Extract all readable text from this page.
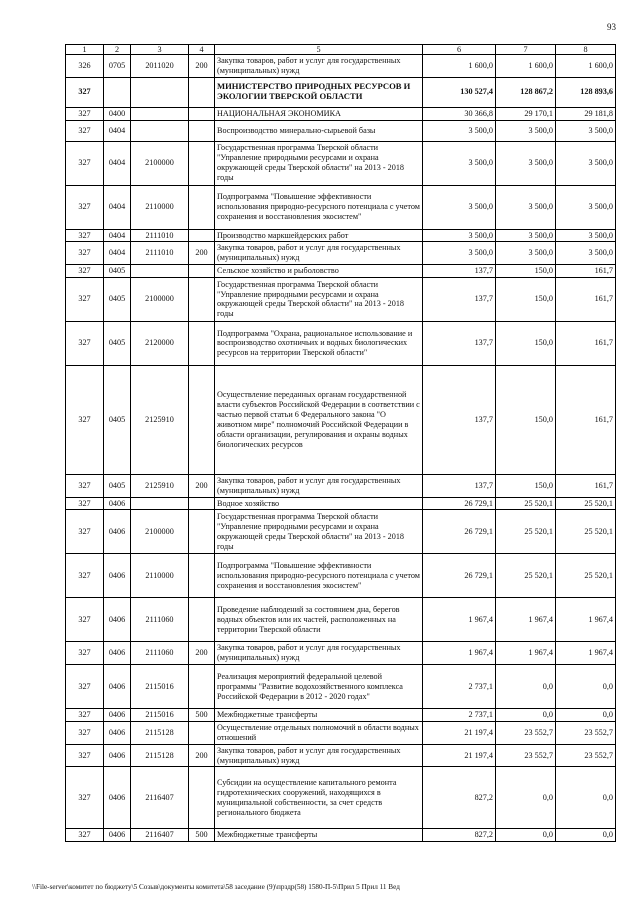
93
1	2	3	4	5	6	7	8
326	0705	2011020	200	Закупка товаров, работ и услуг для государственных (муниципальных) нужд	1 600,0	1 600,0	1 600,0
327				МИНИСТЕРСТВО ПРИРОДНЫХ РЕСУРСОВ И ЭКОЛОГИИ ТВЕРСКОЙ ОБЛАСТИ	130 527,4	128 867,2	128 893,6
327	0400			НАЦИОНАЛЬНАЯ ЭКОНОМИКА	30 366,8	29 170,1	29 181,8
327	0404			Воспроизводство минерально-сырьевой базы	3 500,0	3 500,0	3 500,0
327	0404	2100000		Государственная программа Тверской области "Управление природными ресурсами и охрана окружающей среды Тверской области" на 2013 - 2018 годы	3 500,0	3 500,0	3 500,0
327	0404	2110000		Подпрограмма "Повышение эффективности использования природно-ресурсного потенциала с учетом сохранения и восстановления экосистем"	3 500,0	3 500,0	3 500,0
327	0404	2111010		Производство маркшейдерских работ	3 500,0	3 500,0	3 500,0
327	0404	2111010	200	Закупка товаров, работ и услуг для государственных (муниципальных) нужд	3 500,0	3 500,0	3 500,0
327	0405			Сельское хозяйство и рыболовство	137,7	150,0	161,7
327	0405	2100000		Государственная программа Тверской области "Управление природными ресурсами и охрана окружающей среды Тверской области" на 2013 - 2018 годы	137,7	150,0	161,7
327	0405	2120000		Подпрограмма "Охрана, рациональное использование и воспроизводство охотничьих и водных биологических ресурсов на территории Тверской области"	137,7	150,0	161,7
327	0405	2125910		Осуществление переданных органам государственной власти субъектов Российской Федерации в соответствии с частью первой статьи 6 Федерального закона "О животном мире" полномочий Российской Федерации в области организации, регулирования и охраны водных биологических ресурсов	137,7	150,0	161,7
327	0405	2125910	200	Закупка товаров, работ и услуг для государственных (муниципальных) нужд	137,7	150,0	161,7
327	0406			Водное хозяйство	26 729,1	25 520,1	25 520,1
327	0406	2100000		Государственная программа Тверской области "Управление природными ресурсами и охрана окружающей среды Тверской области" на 2013 - 2018 годы	26 729,1	25 520,1	25 520,1
327	0406	2110000		Подпрограмма "Повышение эффективности использования природно-ресурсного потенциала с учетом сохранения и восстановления экосистем"	26 729,1	25 520,1	25 520,1
327	0406	2111060		Проведение наблюдений за состоянием дна, берегов водных объектов или их частей, расположенных на территории Тверской области	1 967,4	1 967,4	1 967,4
327	0406	2111060	200	Закупка товаров, работ и услуг для государственных (муниципальных) нужд	1 967,4	1 967,4	1 967,4
327	0406	2115016		Реализация мероприятий федеральной целевой программы "Развитие водохозяйственного комплекса Российской Федерации в 2012 - 2020 годах"	2 737,1	0,0	0,0
327	0406	2115016	500	Межбюджетные трансферты	2 737,1	0,0	0,0
327	0406	2115128		Осуществление отдельных полномочий в области водных отношений	21 197,4	23 552,7	23 552,7
327	0406	2115128	200	Закупка товаров, работ и услуг для государственных (муниципальных) нужд	21 197,4	23 552,7	23 552,7
327	0406	2116407		Субсидии на осуществление капитального ремонта гидротехнических сооружений, находящихся в муниципальной собственности, за счет средств регионального бюджета	827,2	0,0	0,0
327	0406	2116407	500	Межбюджетные трансферты	827,2	0,0	0,0
\\File-server\комитет по бюджету\5 Созыв\документы комитета\58 заседание (9)\прздр(58) 1580-П-5\Прил 5 Прил 11 Вед
